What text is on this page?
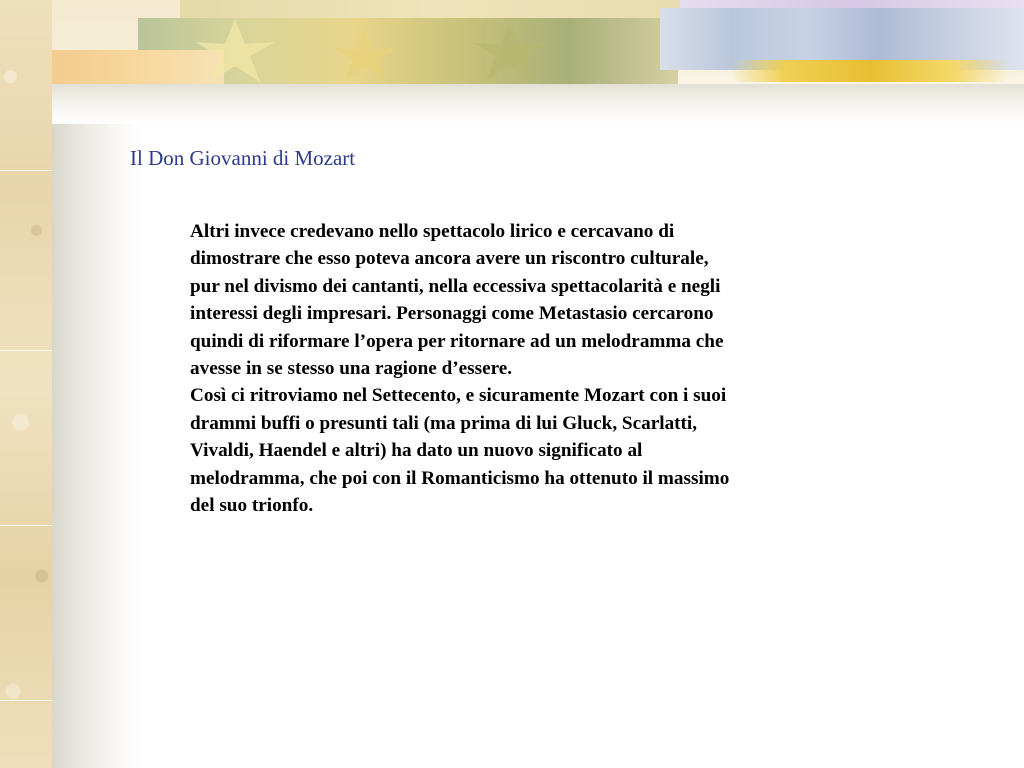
Il Don Giovanni di Mozart

Altri invece credevano nello spettacolo lirico e cercavano di
dimostrare che esso poteva ancora avere un riscontro culturale,
pur nel divismo dei cantanti, nella eccessiva spettacolarità e negli
interessi degli impresari. Personaggi come Metastasio cercarono
quindi di riformare l’opera per ritornare ad un melodramma che
avesse in se stesso una ragione d’essere.

Così ci ritroviamo nel Settecento, e sicuramente Mozart con i suoi
drammi buffi o presunti tali (ma prima di lui Gluck, Scarlatti,
Vivaldi, Haendel e altri) ha dato un nuovo significato al
melodramma, che poi con il Romanticismo ha ottenuto il massimo
del suo trionfo.
